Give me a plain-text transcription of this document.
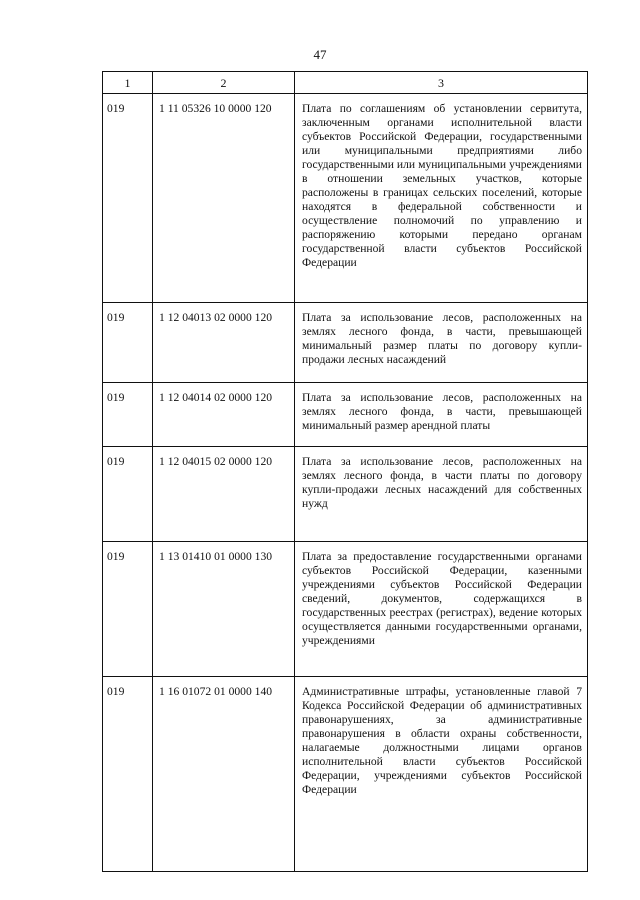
47
1	2	3
019	1 11 05326 10 0000 120	Плата по соглашениям об установлении сервитута, заключенным органами исполнительной власти субъектов Российской Федерации, государственными или муниципальными предприятиями либо государственными или муниципальными учреждениями в отношении земельных участков, которые расположены в границах сельских поселений, которые находятся в федеральной собственности и осуществление полномочий по управлению и распоряжению которыми передано органам государственной власти субъектов Российской Федерации
019	1 12 04013 02 0000 120	Плата за использование лесов, расположенных на землях лесного фонда, в части, превышающей минимальный размер платы по договору купли-продажи лесных насаждений
019	1 12 04014 02 0000 120	Плата за использование лесов, расположенных на землях лесного фонда, в части, превышающей минимальный размер арендной платы
019	1 12 04015 02 0000 120	Плата за использование лесов, расположенных на землях лесного фонда, в части платы по договору купли-продажи лесных насаждений для собственных нужд
019	1 13 01410 01 0000 130	Плата за предоставление государственными органами субъектов Российской Федерации, казенными учреждениями субъектов Российской Федерации сведений, документов, содержащихся в государственных реестрах (регистрах), ведение которых осуществляется данными государственными органами, учреждениями
019	1 16 01072 01 0000 140	Административные штрафы, установленные главой 7 Кодекса Российской Федерации об административных правонарушениях, за административные правонарушения в области охраны собственности, налагаемые должностными лицами органов исполнительной власти субъектов Российской Федерации, учреждениями субъектов Российской Федерации
